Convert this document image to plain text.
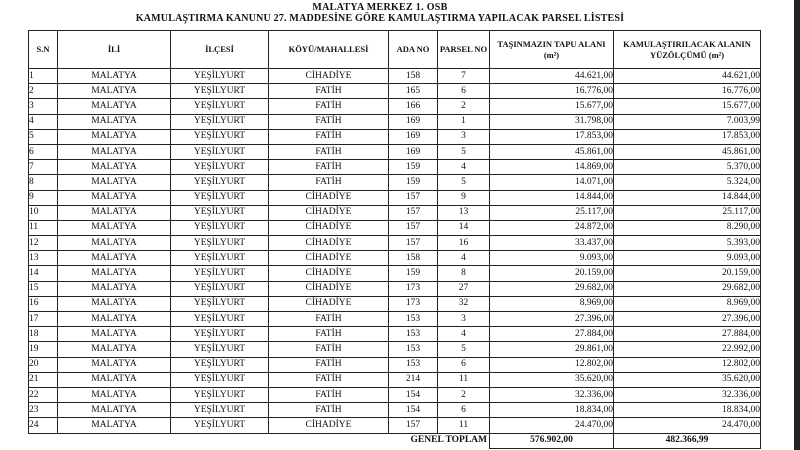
MALATYA MERKEZ 1. OSB
KAMULAŞTIRMA KANUNU 27. MADDESİNE GÖRE KAMULAŞTIRMA YAPILACAK PARSEL LİSTESİ
S.N	İLİ	İLÇESİ	KÖYÜ/MAHALLESİ	ADA NO	PARSEL NO	TAŞINMAZIN TAPU ALANI (m²)	KAMULAŞTIRILACAK ALANIN YÜZÖLÇÜMÜ (m²)
1	MALATYA	YEŞİLYURT	CİHADİYE	158	7	44.621,00	44.621,00
2	MALATYA	YEŞİLYURT	FATİH	165	6	16.776,00	16.776,00
3	MALATYA	YEŞİLYURT	FATİH	166	2	15.677,00	15.677,00
4	MALATYA	YEŞİLYURT	FATİH	169	1	31.798,00	7.003,99
5	MALATYA	YEŞİLYURT	FATİH	169	3	17.853,00	17.853,00
6	MALATYA	YEŞİLYURT	FATİH	169	5	45.861,00	45.861,00
7	MALATYA	YEŞİLYURT	FATİH	159	4	14.869,00	5.370,00
8	MALATYA	YEŞİLYURT	FATİH	159	5	14.071,00	5.324,00
9	MALATYA	YEŞİLYURT	CİHADİYE	157	9	14.844,00	14.844,00
10	MALATYA	YEŞİLYURT	CİHADİYE	157	13	25.117,00	25.117,00
11	MALATYA	YEŞİLYURT	CİHADİYE	157	14	24.872,00	8.290,00
12	MALATYA	YEŞİLYURT	CİHADİYE	157	16	33.437,00	5.393,00
13	MALATYA	YEŞİLYURT	CİHADİYE	158	4	9.093,00	9.093,00
14	MALATYA	YEŞİLYURT	CİHADİYE	159	8	20.159,00	20.159,00
15	MALATYA	YEŞİLYURT	CİHADİYE	173	27	29.682,00	29.682,00
16	MALATYA	YEŞİLYURT	CİHADİYE	173	32	8.969,00	8.969,00
17	MALATYA	YEŞİLYURT	FATİH	153	3	27.396,00	27.396,00
18	MALATYA	YEŞİLYURT	FATİH	153	4	27.884,00	27.884,00
19	MALATYA	YEŞİLYURT	FATİH	153	5	29.861,00	22.992,00
20	MALATYA	YEŞİLYURT	FATİH	153	6	12.802,00	12.802,00
21	MALATYA	YEŞİLYURT	FATİH	214	11	35.620,00	35.620,00
22	MALATYA	YEŞİLYURT	FATİH	154	2	32.336,00	32.336,00
23	MALATYA	YEŞİLYURT	FATİH	154	6	18.834,00	18.834,00
24	MALATYA	YEŞİLYURT	CİHADİYE	157	11	24.470,00	24.470,00

GENEL TOPLAM						576.902,00	482.366,99
